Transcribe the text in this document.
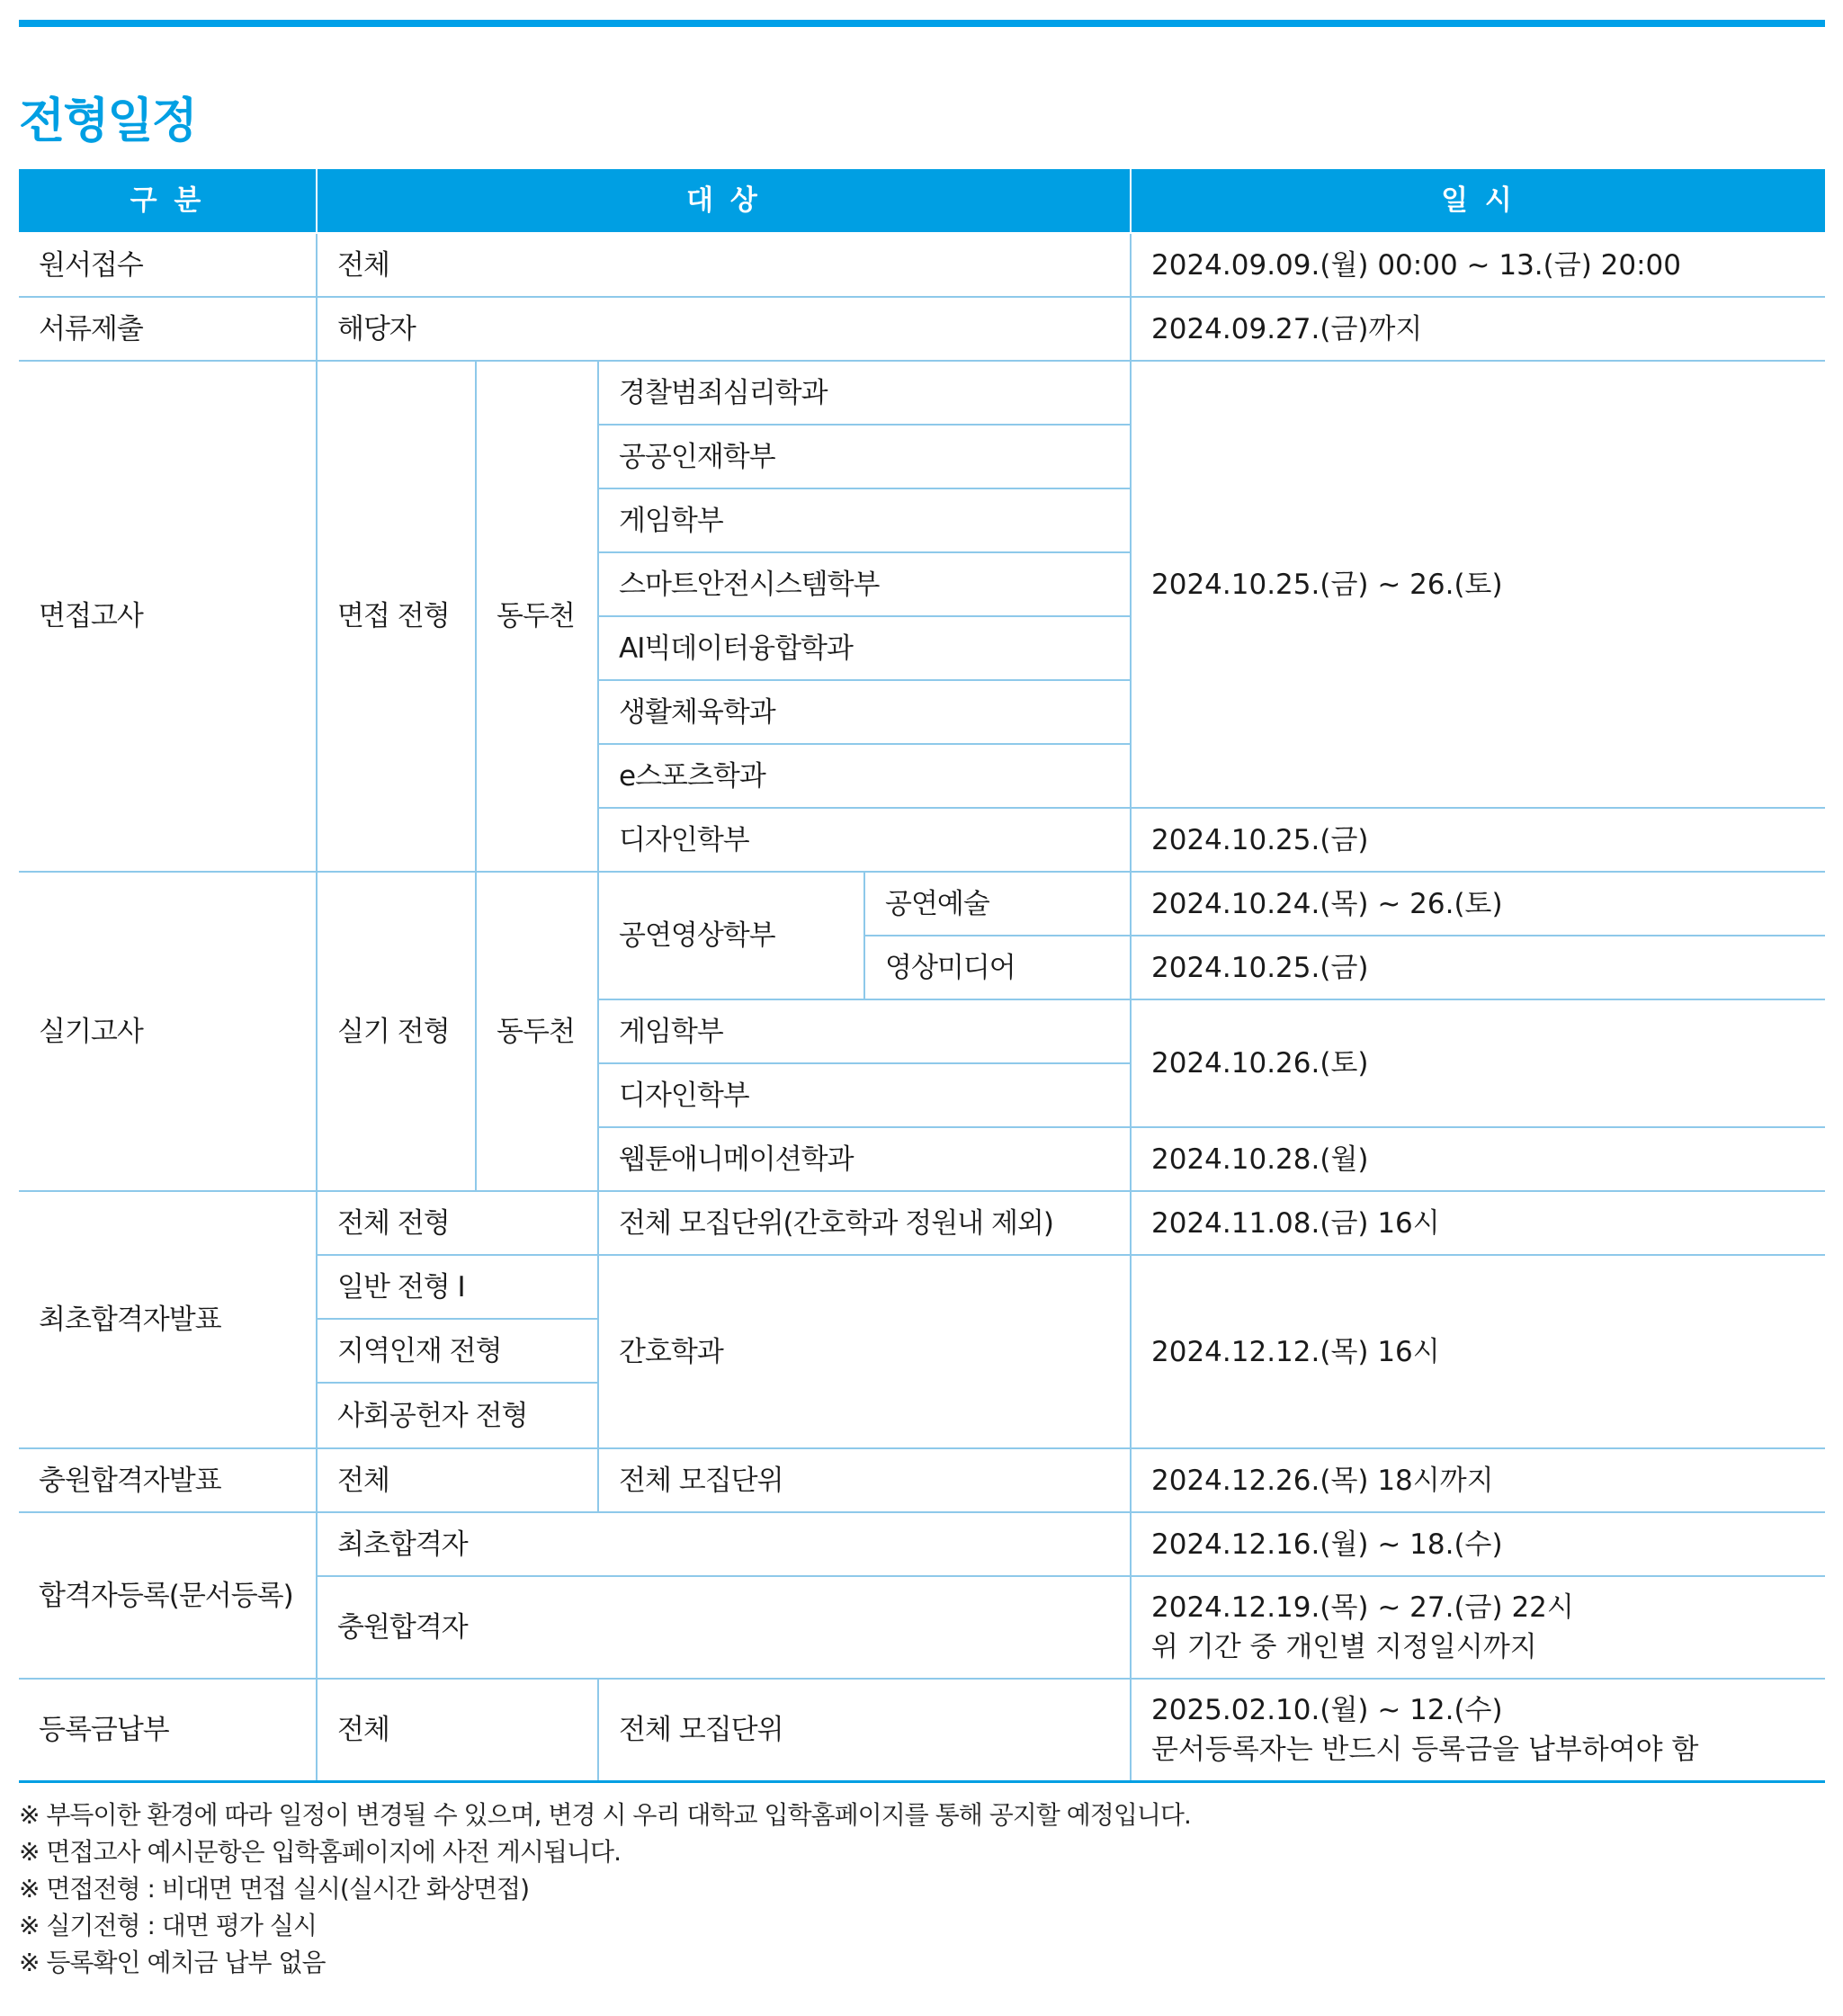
전형일정
구 분	대 상				일 시
원서접수	전체				2024.09.09.(월) 00:00 ~ 13.(금) 20:00
서류제출	해당자				2024.09.27.(금)까지
면접고사	면접 전형	동두천	경찰범죄심리학과		2024.10.25.(금) ~ 26.(토)
			공공인재학부		
			게임학부		
			스마트안전시스템학부		
			AI빅데이터융합학과		
			생활체육학과		
			e스포츠학과		
			디자인학부		2024.10.25.(금)
실기고사	실기 전형	동두천	공연영상학부	공연예술	2024.10.24.(목) ~ 26.(토)
				영상미디어	2024.10.25.(금)
			게임학부		2024.10.26.(토)
			디자인학부		
			웹툰애니메이션학과		2024.10.28.(월)
최초합격자발표	전체 전형		전체 모집단위(간호학과 정원내 제외)		2024.11.08.(금) 16시
	일반 전형 I		간호학과		2024.12.12.(목) 16시
	지역인재 전형				
	사회공헌자 전형				
충원합격자발표	전체		전체 모집단위		2024.12.26.(목) 18시까지
합격자등록(문서등록)	최초합격자				2024.12.16.(월) ~ 18.(수)
	충원합격자				2024.12.19.(목) ~ 27.(금) 22시
위 기간 중 개인별 지정일시까지

등록금납부	전체		전체 모집단위		2025.02.10.(월) ~ 12.(수)
문서등록자는 반드시 등록금을 납부하여야 함
※ 부득이한 환경에 따라 일정이 변경될 수 있으며, 변경 시 우리 대학교 입학홈페이지를 통해 공지할 예정입니다.
※ 면접고사 예시문항은 입학홈페이지에 사전 게시됩니다.
※ 면접전형 : 비대면 면접 실시(실시간 화상면접)
※ 실기전형 : 대면 평가 실시
※ 등록확인 예치금 납부 없음
